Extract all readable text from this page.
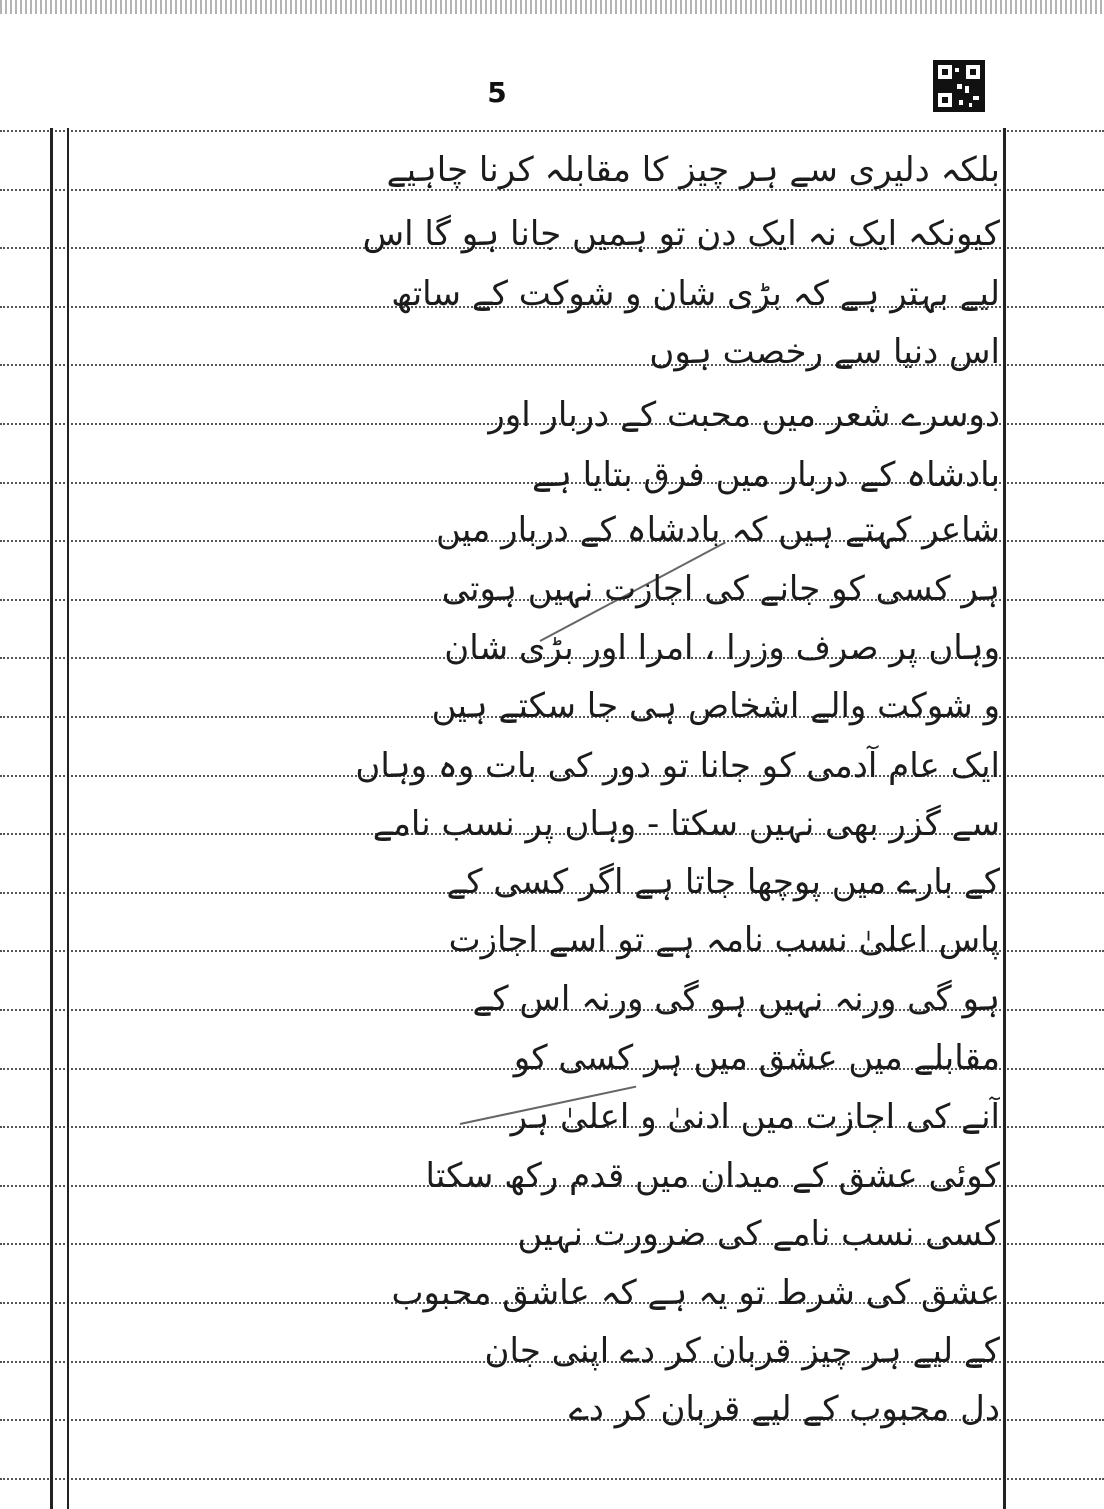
5
بلکہ دلیری سے ہر چیز کا مقابلہ کرنا چاہیے
کیونکہ ایک نہ ایک دن تو ہمیں جانا ہو گا اس
لیے بہتر ہے کہ بڑی شان و شوکت کے ساتھ
اس دنیا سے رخصت ہوں
دوسرے شعر میں محبت کے دربار اور
بادشاہ کے دربار میں فرق بتایا ہے
شاعر کہتے ہیں کہ بادشاہ کے دربار میں
ہر کسی کو جانے کی اجازت نہیں ہوتی
وہاں پر صرف وزرا ، امرا اور بڑی شان
و شوکت والے اشخاص ہی جا سکتے ہیں
ایک عام آدمی کو جانا تو دور کی بات وہ وہاں
سے گزر بھی نہیں سکتا - وہاں پر نسب نامے
کے بارے میں پوچھا جاتا ہے اگر کسی کے
پاس اعلیٰ نسب نامہ ہے تو اسے اجازت
ہو گی ورنہ نہیں ہو گی ورنہ اس کے
مقابلے میں عشق میں ہر کسی کو
آنے کی اجازت میں ادنیٰ و اعلیٰ ہر
کوئی عشق کے میدان میں قدم رکھ سکتا
کسی نسب نامے کی ضرورت نہیں
عشق کی شرط تو یہ ہے کہ عاشق محبوب
کے لیے ہر چیز قربان کر دے اپنی جان
دل محبوب کے لیے قربان کر دے
